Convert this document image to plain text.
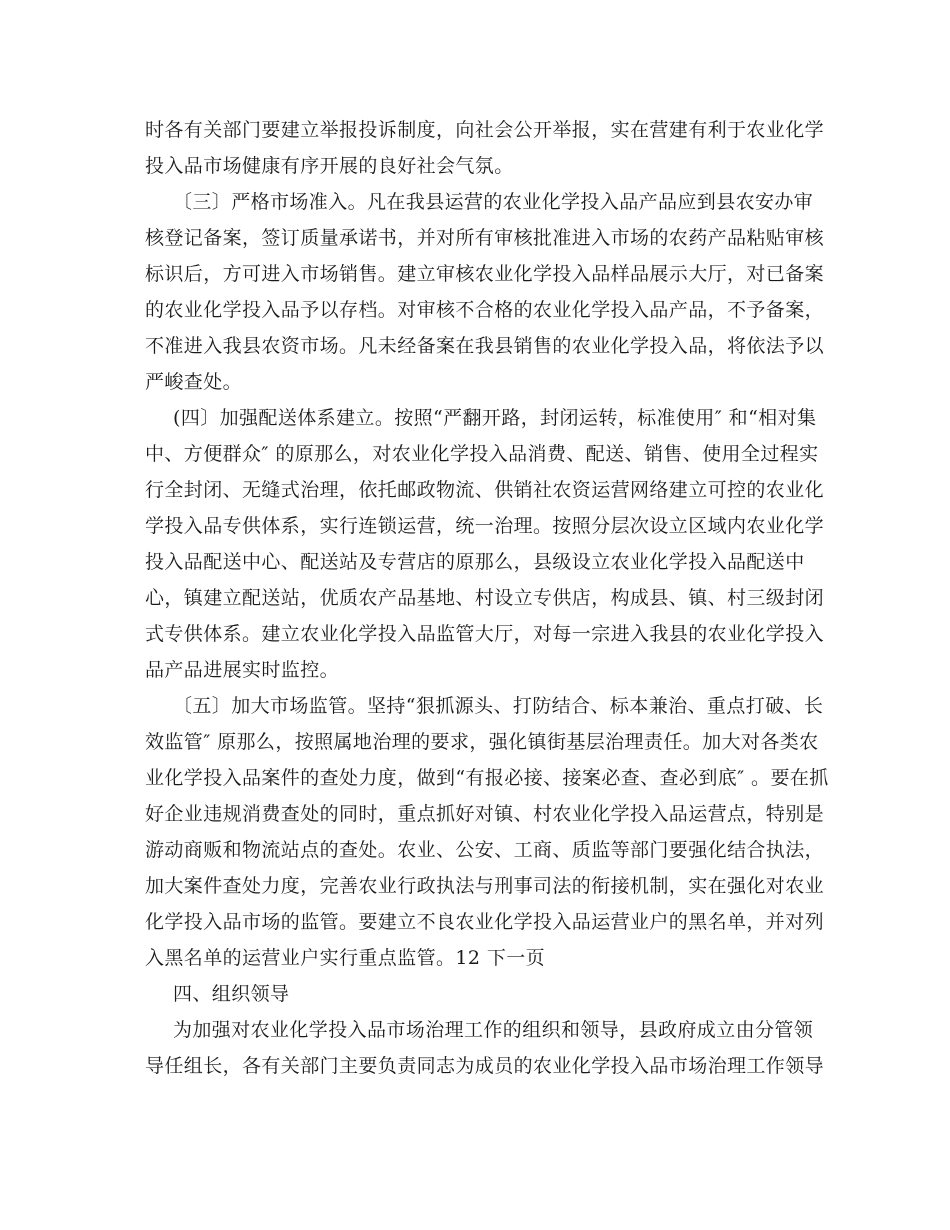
时各有关部门要建立举报投诉制度，向社会公开举报，实在营建有利于农业化学
投入品市场健康有序开展的良好社会气氛。
〔三〕严格市场准入。凡在我县运营的农业化学投入品产品应到县农安办审
核登记备案，签订质量承诺书，并对所有审核批准进入市场的农药产品粘贴审核
标识后，方可进入市场销售。建立审核农业化学投入品样品展示大厅，对已备案
的农业化学投入品予以存档。对审核不合格的农业化学投入品产品，不予备案，
不准进入我县农资市场。凡未经备案在我县销售的农业化学投入品，将依法予以
严峻查处。
(四〕加强配送体系建立。按照“严翻开路，封闭运转，标准使用″ 和“相对集
中、方便群众″ 的原那么，对农业化学投入品消费、配送、销售、使用全过程实
行全封闭、无缝式治理，依托邮政物流、供销社农资运营网络建立可控的农业化
学投入品专供体系，实行连锁运营，统一治理。按照分层次设立区域内农业化学
投入品配送中心、配送站及专营店的原那么，县级设立农业化学投入品配送中
心，镇建立配送站，优质农产品基地、村设立专供店，构成县、镇、村三级封闭
式专供体系。建立农业化学投入品监管大厅，对每一宗进入我县的农业化学投入
品产品进展实时监控。
〔五〕加大市场监管。坚持“狠抓源头、打防结合、标本兼治、重点打破、长
效监管″ 原那么，按照属地治理的要求，强化镇街基层治理责任。加大对各类农
业化学投入品案件的查处力度，做到“有报必接、接案必查、查必到底″ 。要在抓
好企业违规消费查处的同时，重点抓好对镇、村农业化学投入品运营点，特别是
游动商贩和物流站点的查处。农业、公安、工商、质监等部门要强化结合执法，
加大案件查处力度，完善农业行政执法与刑事司法的衔接机制，实在强化对农业
化学投入品市场的监管。要建立不良农业化学投入品运营业户的黑名单，并对列
入黑名单的运营业户实行重点监管。12 下一页
四、组织领导
为加强对农业化学投入品市场治理工作的组织和领导，县政府成立由分管领
导任组长，各有关部门主要负责同志为成员的农业化学投入品市场治理工作领导
